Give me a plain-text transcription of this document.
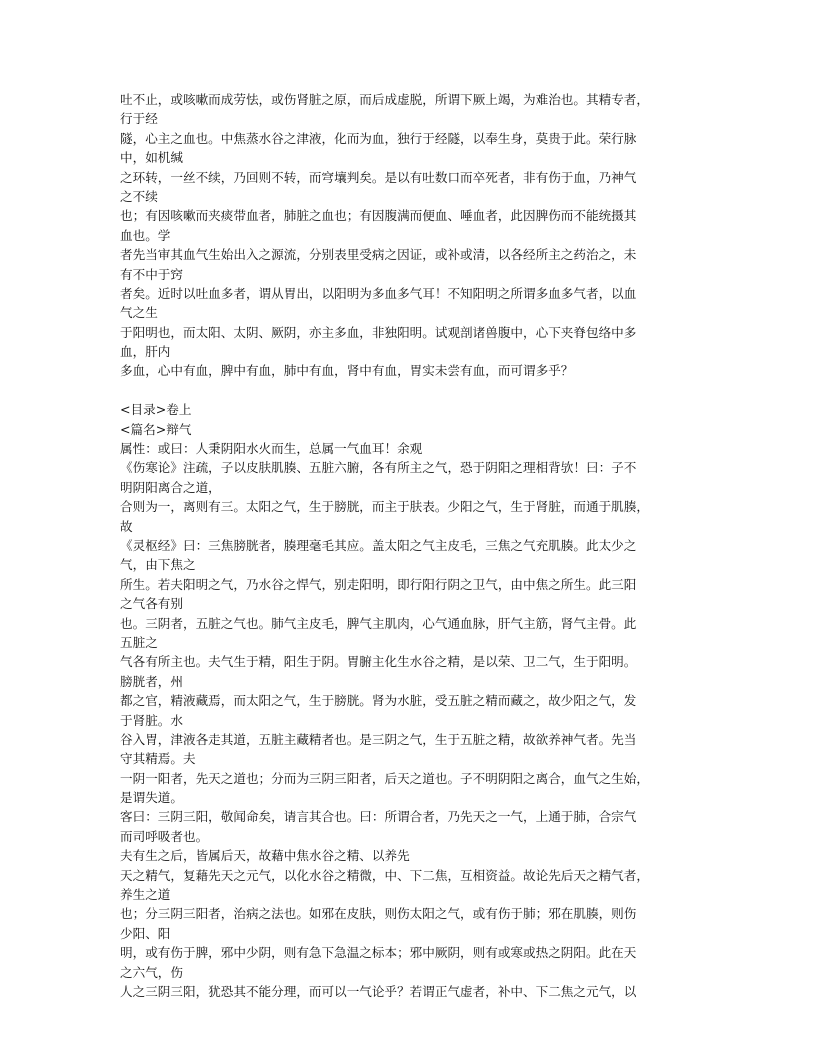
吐不止，或咳嗽而成劳怯，或伤肾脏之原，而后成虚脱，所谓下厥上竭，为难治也。其精专者，
行于经
隧，心主之血也。中焦蒸水谷之津液，化而为血，独行于经隧，以奉生身，莫贵于此。荣行脉
中，如机缄
之环转，一丝不续，乃回则不转，而穹壤判矣。是以有吐数口而卒死者，非有伤于血，乃神气
之不续
也；有因咳嗽而夹痰带血者，肺脏之血也；有因腹满而便血、唾血者，此因脾伤而不能统摄其
血也。学
者先当审其血气生始出入之源流，分别表里受病之因证，或补或清，以各经所主之药治之，未
有不中于窍
者矣。近时以吐血多者，谓从胃出，以阳明为多血多气耳！不知阳明之所谓多血多气者，以血
气之生
于阳明也，而太阳、太阴、厥阴，亦主多血，非独阳明。试观剖诸兽腹中，心下夹脊包络中多
血，肝内
多血，心中有血，脾中有血，肺中有血，肾中有血，胃实未尝有血，而可谓多乎？
<目录>卷上
<篇名>辩气
属性：或曰：人秉阴阳水火而生，总属一气血耳！余观
《伤寒论》注疏，子以皮肤肌腠、五脏六腑，各有所主之气，恐于阴阳之理相背欤！曰：子不
明阴阳离合之道，
合则为一，离则有三。太阳之气，生于膀胱，而主于肤表。少阳之气，生于肾脏，而通于肌腠，
故
《灵枢经》曰：三焦膀胱者，腠理毫毛其应。盖太阳之气主皮毛，三焦之气充肌腠。此太少之
气，由下焦之
所生。若夫阳明之气，乃水谷之悍气，别走阳明，即行阳行阴之卫气，由中焦之所生。此三阳
之气各有别
也。三阴者，五脏之气也。肺气主皮毛，脾气主肌肉，心气通血脉，肝气主筋，肾气主骨。此
五脏之
气各有所主也。夫气生于精，阳生于阴。胃腑主化生水谷之精，是以荣、卫二气，生于阳明。
膀胱者，州
都之官，精液藏焉，而太阳之气，生于膀胱。肾为水脏，受五脏之精而藏之，故少阳之气，发
于肾脏。水
谷入胃，津液各走其道，五脏主藏精者也。是三阴之气，生于五脏之精，故欲养神气者。先当
守其精焉。夫
一阴一阳者，先天之道也；分而为三阴三阳者，后天之道也。子不明阴阳之离合，血气之生始，
是谓失道。
客曰：三阴三阳，敬闻命矣，请言其合也。曰：所谓合者，乃先天之一气，上通于肺，合宗气
而司呼吸者也。
夫有生之后，皆属后天，故藉中焦水谷之精、以养先
天之精气，复藉先天之元气，以化水谷之精微，中、下二焦，互相资益。故论先后天之精气者，
养生之道
也；分三阴三阳者，治病之法也。如邪在皮肤，则伤太阳之气，或有伤于肺；邪在肌腠，则伤
少阳、阳
明，或有伤于脾，邪中少阴，则有急下急温之标本；邪中厥阴，则有或寒或热之阴阳。此在天
之六气，伤
人之三阴三阳，犹恐其不能分理，而可以一气论乎？若谓正气虚者，补中、下二焦之元气，以
